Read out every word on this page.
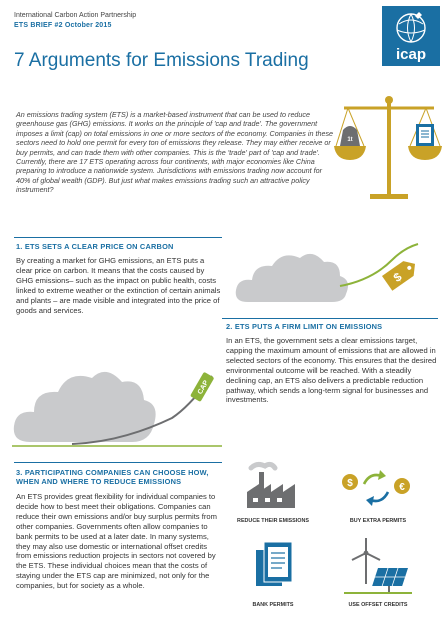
International Carbon Action Partnership
ETS BRIEF #2 October 2015
7 Arguments for Emissions Trading	icap
1t
An emissions trading system (ETS) is a market-based instrument that can be used to reduce greenhouse gas (GHG) emissions. It works on the principle of 'cap and trade'. The government imposes a limit (cap) on total emissions in one or more sectors of the economy. Companies in these sectors need to hold one permit for every ton of emissions they release. They may either receive or buy permits, and can trade them with other companies. This is the 'trade' part of 'cap and trade'. Currently, there are 17 ETS operating across four continents, with major economies like China preparing to introduce a nationwide system. Jurisdictions with emissions trading now account for 40% of global wealth (GDP). But just what makes emissions trading such an attractive policy instrument?
1. ETS SETS A CLEAR PRICE ON CARBON
By creating a market for GHG emissions, an ETS puts a clear price on carbon. It means that the costs caused by GHG emissions– such as the impact on public health, costs linked to extreme weather or the extinction of certain animals and plants – are made visible and integrated into the price of goods and services.
$
2. ETS PUTS A FIRM LIMIT ON EMISSIONS
In an ETS, the government sets a clear emissions target, capping the maximum amount of emissions that are allowed in selected sectors of the economy. This ensures that the desired environmental outcome will be reached. With a steadily declining cap, an ETS also delivers a predictable reduction pathway, which sends a long-term signal for businesses and investments.
CAP
3. PARTICIPATING COMPANIES CAN CHOOSE HOW,
WHEN AND WHERE TO REDUCE EMISSIONS
An ETS provides great flexibility for individual companies to decide how to best meet their obligations. Companies can reduce their own emissions and/or buy surplus permits from other companies. Governments often allow companies to bank permits to be used at a later date. In many systems, they may also use domestic or international offset credits from emissions reduction projects in sectors not covered by the ETS. These individual choices mean that the costs of staying under the ETS cap are minimized, not only for the companies, but for society as a whole.
REDUCE THEIR EMISSIONS
$	€
BUY EXTRA PERMITS
BANK PERMITS	USE OFFSET CREDITS
